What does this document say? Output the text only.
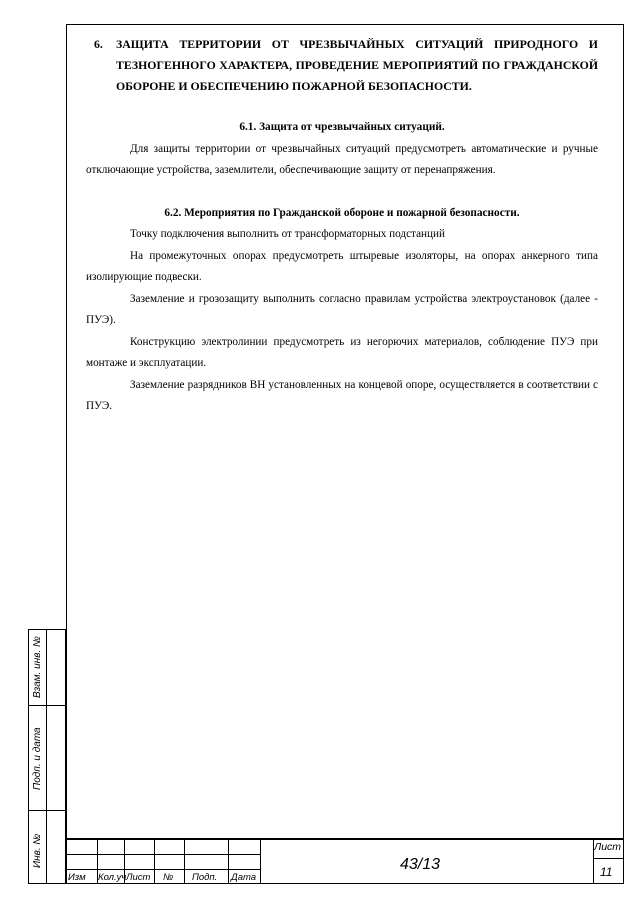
6. ЗАЩИТА ТЕРРИТОРИИ ОТ ЧРЕЗВЫЧАЙНЫХ СИТУАЦИЙ ПРИРОДНОГО И ТЕЗНОГЕННОГО ХАРАКТЕРА, ПРОВЕДЕНИЕ МЕРОПРИЯТИЙ ПО ГРАЖДАНСКОЙ ОБОРОНЕ И ОБЕСПЕЧЕНИЮ ПОЖАРНОЙ БЕЗОПАСНОСТИ.
6.1. Защита от чрезвычайных ситуаций.

Для защиты территории от чрезвычайных ситуаций предусмотреть автоматические и ручные отключающие устройства, заземлители, обеспечивающие защиту от перенапряжения.

6.2. Мероприятия по Гражданской обороне и пожарной безопасности.

Точку подключения выполнить от трансформаторных подстанций

На промежуточных опорах предусмотреть штыревые изоляторы, на опорах анкерного типа изолирующие подвески.

Заземление и грозозащиту выполнить согласно правилам устройства электроустановок (далее - ПУЭ).

Конструкцию электролинии предусмотреть из негорючих материалов, соблюдение ПУЭ при монтаже и эксплуатации.

Заземление разрядников ВН установленных на концевой опоре, осуществляется в соответствии с ПУЭ.

Взам. инв. №
Подп. и дата
Инв. №
Изм Кол.уч Лист № Подп. Дата
43/13
Лист
11
